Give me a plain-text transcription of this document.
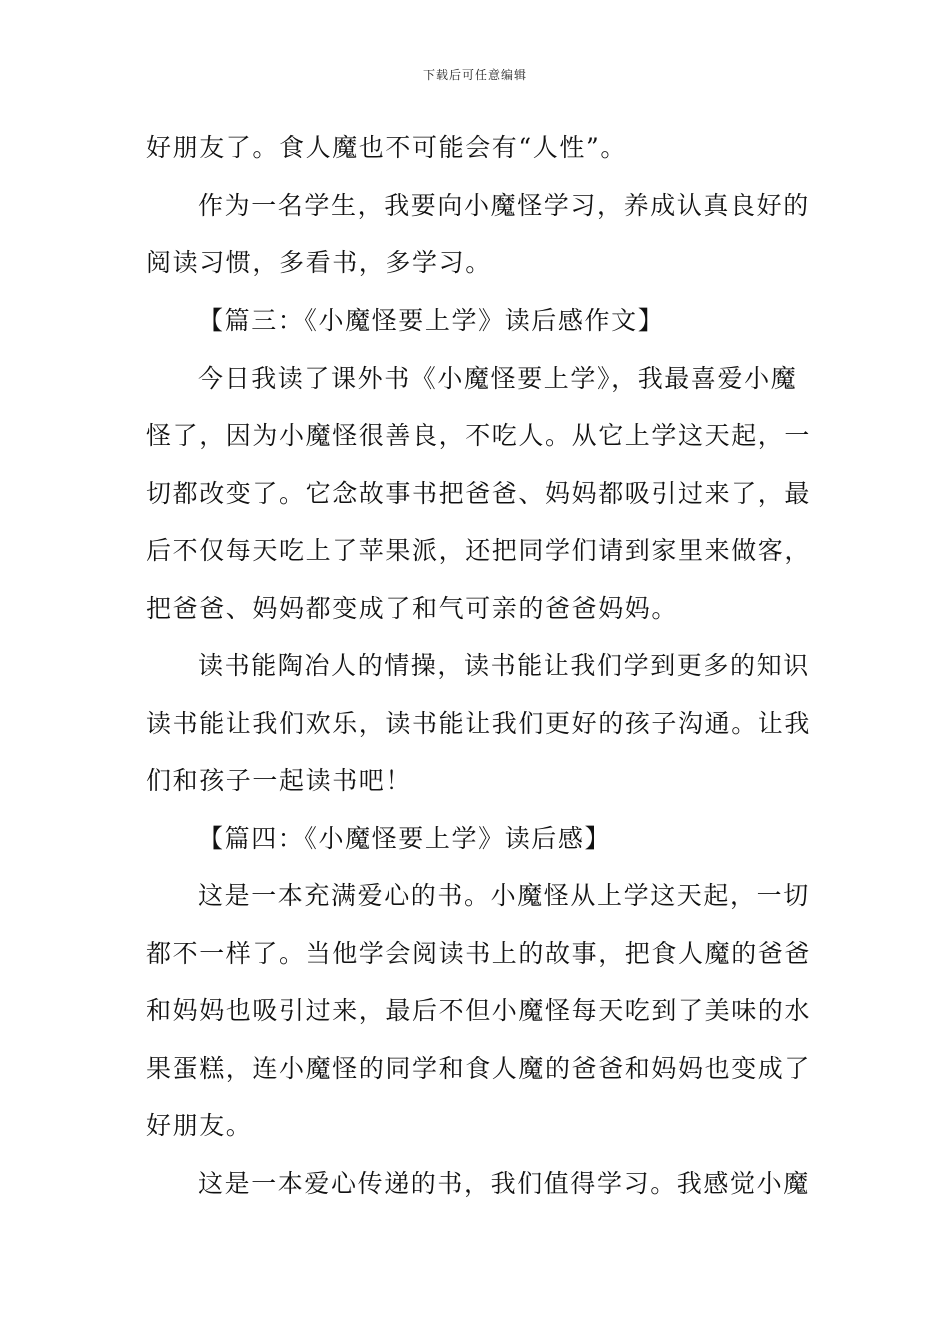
下载后可任意编辑
好朋友了。食人魔也不可能会有“人性”。
作为一名学生，我要向小魔怪学习，养成认真良好的
阅读习惯，多看书，多学习。
【篇三：《小魔怪要上学》读后感作文】
今日我读了课外书《小魔怪要上学》，我最喜爱小魔
怪了，因为小魔怪很善良，不吃人。从它上学这天起，一
切都改变了。它念故事书把爸爸、妈妈都吸引过来了，最
后不仅每天吃上了苹果派，还把同学们请到家里来做客，
把爸爸、妈妈都变成了和气可亲的爸爸妈妈。
读书能陶冶人的情操，读书能让我们学到更多的知识
读书能让我们欢乐，读书能让我们更好的孩子沟通。让我
们和孩子一起读书吧！
【篇四：《小魔怪要上学》读后感】
这是一本充满爱心的书。小魔怪从上学这天起，一切
都不一样了。当他学会阅读书上的故事，把食人魔的爸爸
和妈妈也吸引过来，最后不但小魔怪每天吃到了美味的水
果蛋糕，连小魔怪的同学和食人魔的爸爸和妈妈也变成了
好朋友。
这是一本爱心传递的书，我们值得学习。我感觉小魔
